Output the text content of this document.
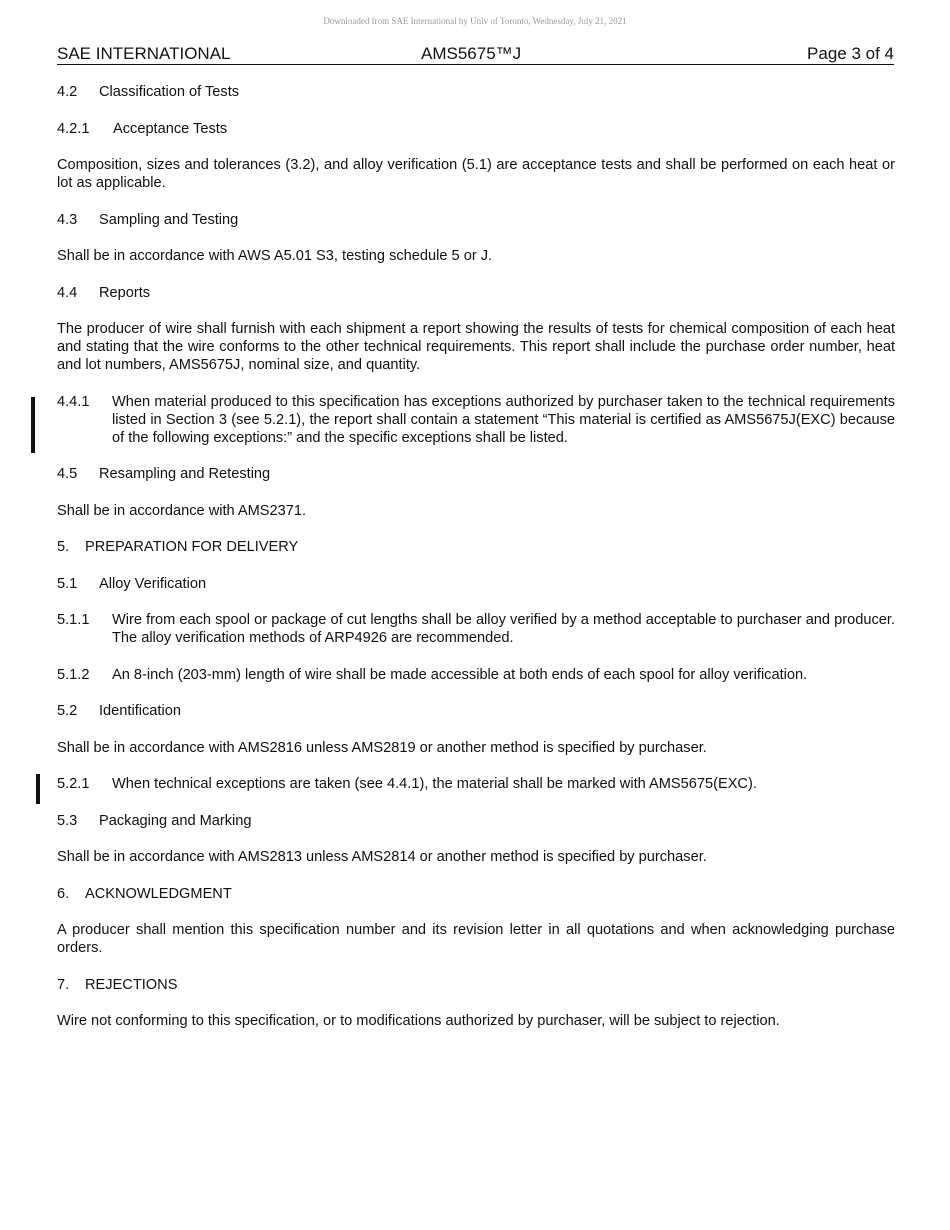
Downloaded from SAE International by Univ of Toronto, Wednesday, July 21, 2021
SAE INTERNATIONAL	AMS5675™J	Page 3 of 4
4.2 Classification of Tests
4.2.1 Acceptance Tests
Composition, sizes and tolerances (3.2), and alloy verification (5.1) are acceptance tests and shall be performed on each heat or lot as applicable.
4.3 Sampling and Testing
Shall be in accordance with AWS A5.01 S3, testing schedule 5 or J.
4.4 Reports
The producer of wire shall furnish with each shipment a report showing the results of tests for chemical composition of each heat and stating that the wire conforms to the other technical requirements. This report shall include the purchase order number, heat and lot numbers, AMS5675J, nominal size, and quantity.
4.4.1 When material produced to this specification has exceptions authorized by purchaser taken to the technical requirements listed in Section 3 (see 5.2.1), the report shall contain a statement “This material is certified as AMS5675J(EXC) because of the following exceptions:” and the specific exceptions shall be listed.
4.5 Resampling and Retesting
Shall be in accordance with AMS2371.
5. PREPARATION FOR DELIVERY
5.1 Alloy Verification
5.1.1 Wire from each spool or package of cut lengths shall be alloy verified by a method acceptable to purchaser and producer. The alloy verification methods of ARP4926 are recommended.
5.1.2 An 8-inch (203-mm) length of wire shall be made accessible at both ends of each spool for alloy verification.
5.2 Identification
Shall be in accordance with AMS2816 unless AMS2819 or another method is specified by purchaser.
5.2.1 When technical exceptions are taken (see 4.4.1), the material shall be marked with AMS5675(EXC).
5.3 Packaging and Marking
Shall be in accordance with AMS2813 unless AMS2814 or another method is specified by purchaser.
6. ACKNOWLEDGMENT
A producer shall mention this specification number and its revision letter in all quotations and when acknowledging purchase orders.
7. REJECTIONS
Wire not conforming to this specification, or to modifications authorized by purchaser, will be subject to rejection.
